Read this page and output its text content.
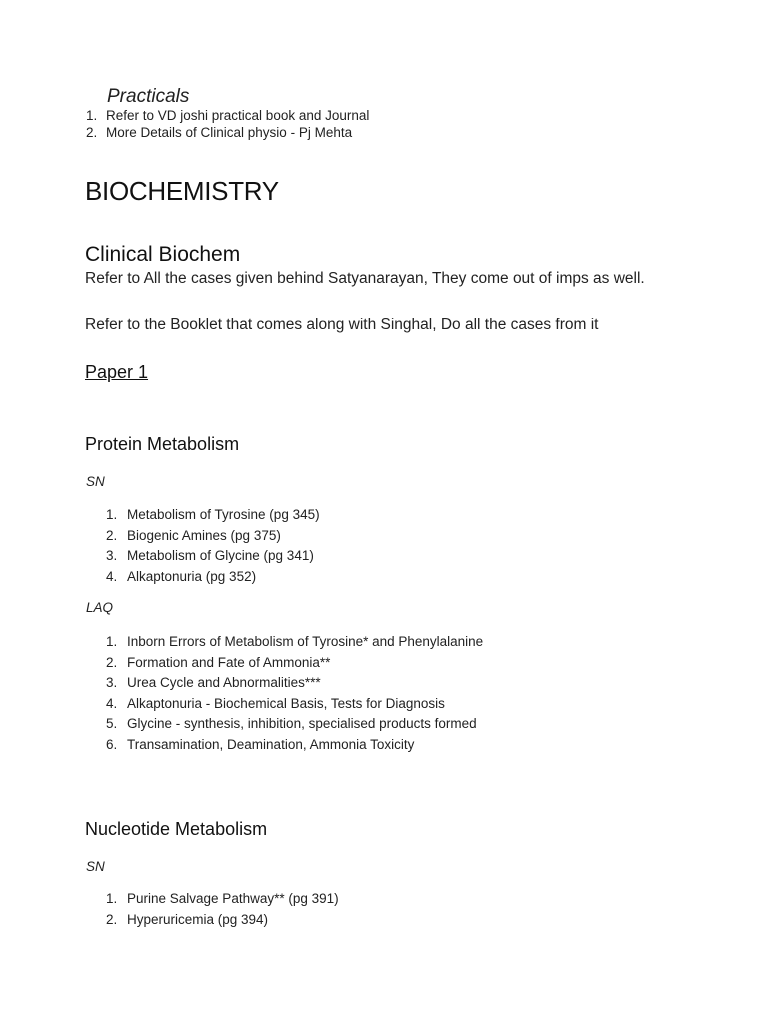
Practicals
1. Refer to VD joshi practical book and Journal
2. More Details of Clinical physio - Pj Mehta
BIOCHEMISTRY
Clinical Biochem
Refer to All the cases given behind Satyanarayan, They come out of imps as well.
Refer to the Booklet that comes along with Singhal, Do all the cases from it
Paper 1
Protein Metabolism
SN
1. Metabolism of Tyrosine (pg 345)
2. Biogenic Amines (pg 375)
3. Metabolism of Glycine (pg 341)
4. Alkaptonuria (pg 352)
LAQ
1. Inborn Errors of Metabolism of Tyrosine* and Phenylalanine
2. Formation and Fate of Ammonia**
3. Urea Cycle and Abnormalities***
4. Alkaptonuria - Biochemical Basis, Tests for Diagnosis
5. Glycine - synthesis, inhibition, specialised products formed
6. Transamination, Deamination, Ammonia Toxicity
Nucleotide Metabolism
SN
1. Purine Salvage Pathway** (pg 391)
2. Hyperuricemia (pg 394)
